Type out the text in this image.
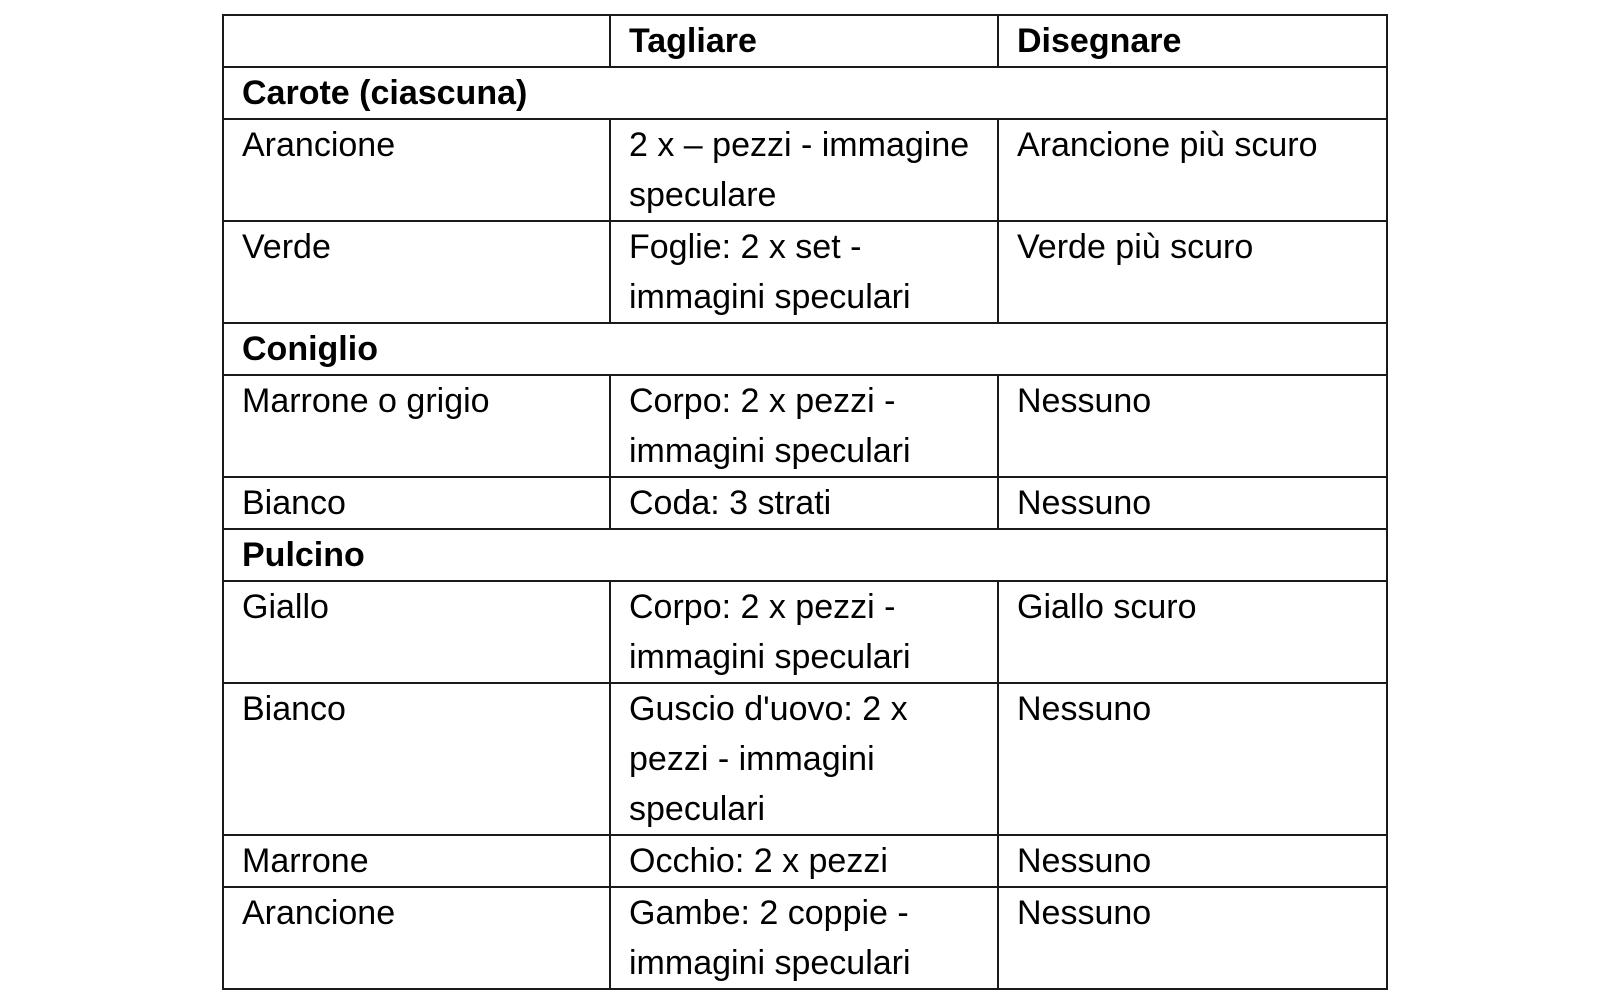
	Tagliare	Disegnare
Carote (ciascuna)		
Arancione	2 x – pezzi - immagine speculare	Arancione più scuro
Verde	Foglie: 2 x set - immagini speculari	Verde più scuro
Coniglio		
Marrone o grigio	Corpo: 2 x pezzi - immagini speculari	Nessuno
Bianco	Coda: 3 strati	Nessuno
Pulcino		
Giallo	Corpo: 2 x pezzi - immagini speculari	Giallo scuro
Bianco	Guscio d'uovo: 2 x pezzi - immagini speculari	Nessuno
Marrone	Occhio: 2 x pezzi	Nessuno
Arancione	Gambe: 2 coppie - immagini speculari	Nessuno
